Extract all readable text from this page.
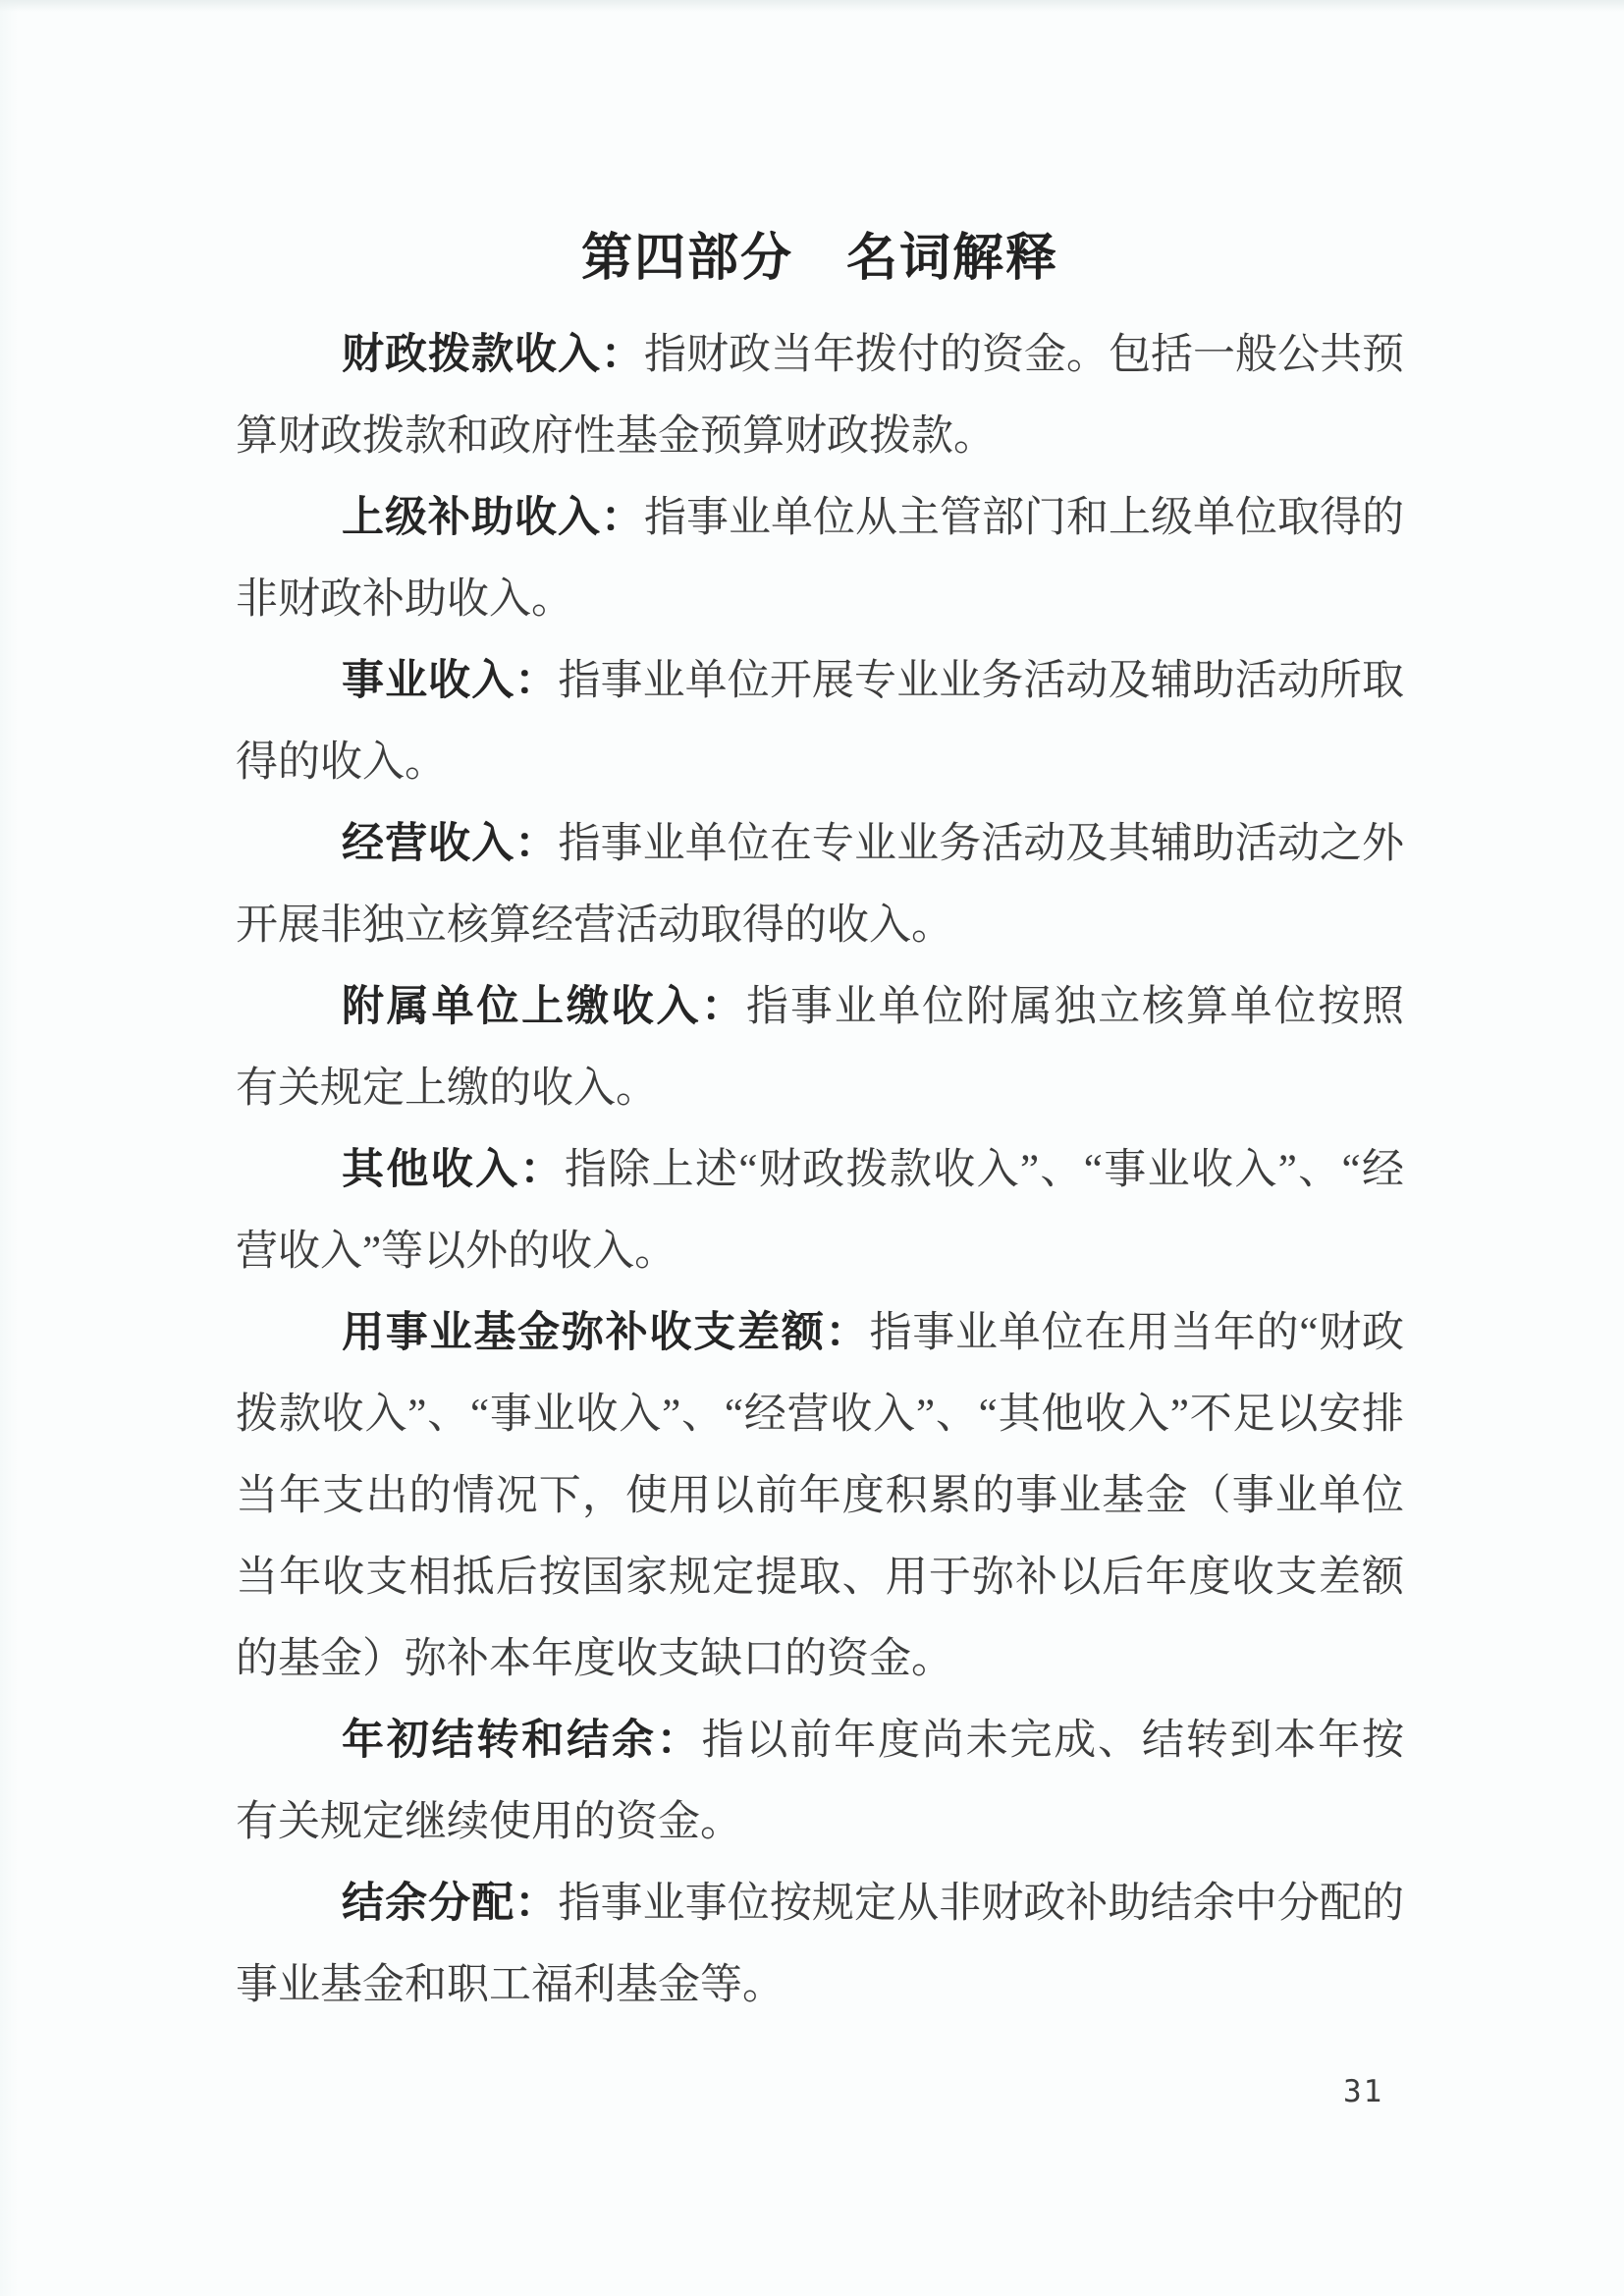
第四部分　名词解释

财政拨款收入：指财政当年拨付的资金。包括一般公共预算财政拨款和政府性基金预算财政拨款。

上级补助收入：指事业单位从主管部门和上级单位取得的非财政补助收入。

事业收入：指事业单位开展专业业务活动及辅助活动所取得的收入。

经营收入：指事业单位在专业业务活动及其辅助活动之外开展非独立核算经营活动取得的收入。

附属单位上缴收入：指事业单位附属独立核算单位按照有关规定上缴的收入。

其他收入：指除上述“财政拨款收入”、“事业收入”、“经营收入”等以外的收入。

用事业基金弥补收支差额：指事业单位在用当年的“财政拨款收入”、“事业收入”、“经营收入”、“其他收入”不足以安排当年支出的情况下，使用以前年度积累的事业基金（事业单位当年收支相抵后按国家规定提取、用于弥补以后年度收支差额的基金）弥补本年度收支缺口的资金。

年初结转和结余：指以前年度尚未完成、结转到本年按有关规定继续使用的资金。

结余分配：指事业事位按规定从非财政补助结余中分配的事业基金和职工福利基金等。

31
